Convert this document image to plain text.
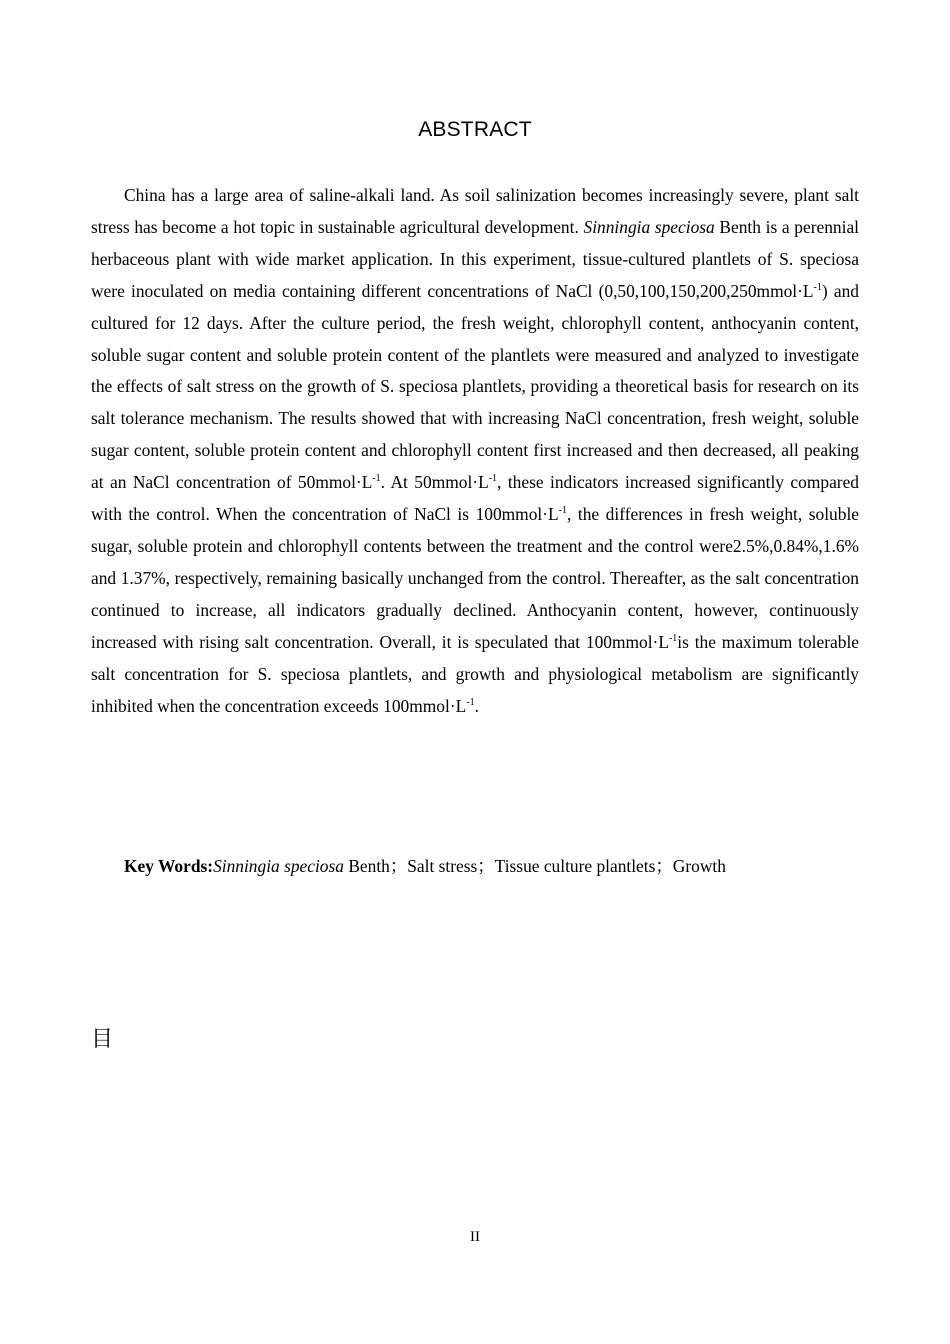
ABSTRACT

China has a large area of saline-alkali land. As soil salinization becomes increasingly severe, plant salt stress has become a hot topic in sustainable agricultural development. Sinningia speciosa Benth is a perennial herbaceous plant with wide market application. In this experiment, tissue-cultured plantlets of S. speciosa were inoculated on media containing different concentrations of NaCl $(0,50,100,150,200,250mmol\cdot L^{-1})$ and cultured for 12 days. After the culture period, the fresh weight, chlorophyll content, anthocyanin content, soluble sugar content and soluble protein content of the plantlets were measured and analyzed to investigate the effects of salt stress on the growth of S. speciosa plantlets, providing a theoretical basis for research on its salt tolerance mechanism. The results showed that with increasing NaCl concentration, fresh weight, soluble sugar content, soluble protein content and chlorophyll content first increased and then decreased, all peaking at an NaCl concentration of $50mmol\cdot L^{-1}$. At $50mmol\cdot L^{-1}$, these indicators increased significantly compared with the control. When the concentration of NaCl is $100mmol\cdot L^{-1}$, the differences in fresh weight, soluble sugar, soluble protein and chlorophyll contents between the treatment and the control were2.5%,0.84%,1.6% and 1.37%, respectively, remaining basically unchanged from the control. Thereafter, as the salt concentration continued to increase, all indicators gradually declined. Anthocyanin content, however, continuously increased with rising salt concentration. Overall, it is speculated that $100mmol\cdot L^{-1}is$ the maximum tolerable salt concentration for S. speciosa plantlets, and growth and physiological metabolism are significantly inhibited when the concentration exceeds $100mmol\cdot L^{-1}$.

Key Words:Sinningia speciosa Benth；Salt stress；Tissue culture plantlets；Growth
目
II
